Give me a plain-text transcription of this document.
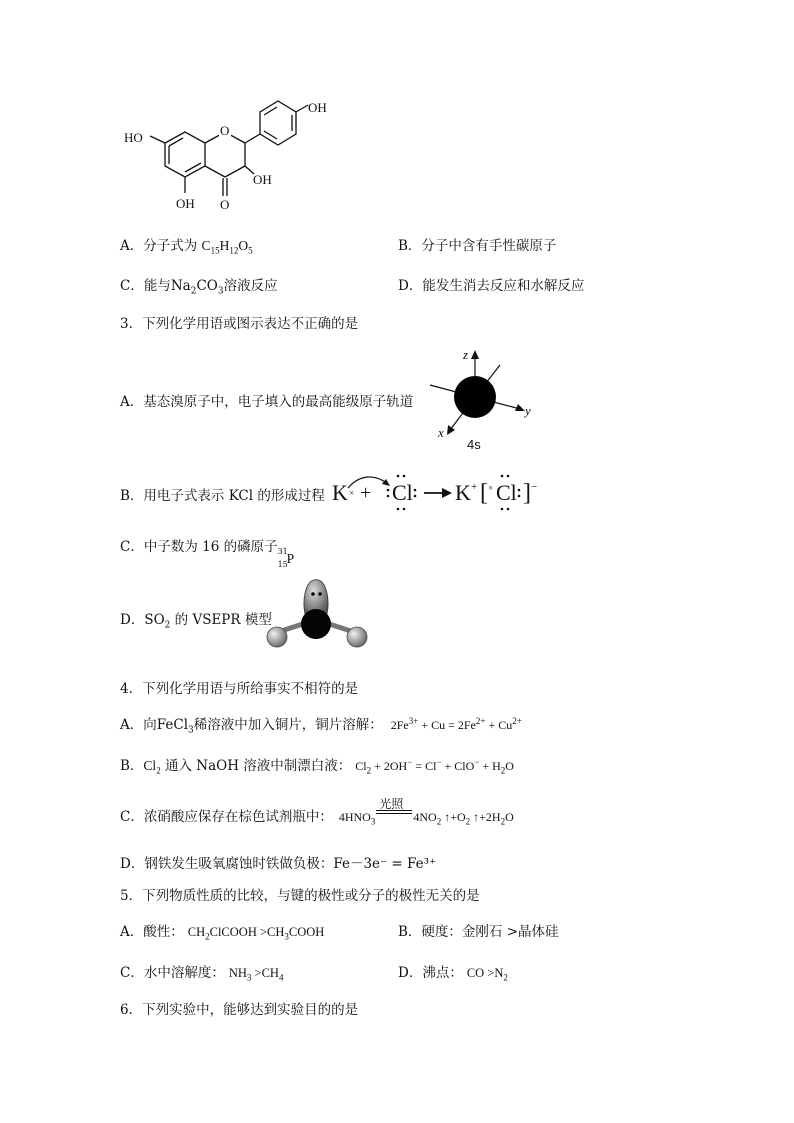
O
OH
HO
OH O
OH
A．分子式为 $C_{15}H_{12}O_5$	B．分子中含有手性碳原子
C．能与$Na_2CO_3$溶液反应	D．能发生消去反应和水解反应
3．下列化学用语或图示表达不正确的是
A．基态溴原子中，电子填入的最高能级原子轨道
z
y
x
4s
B．用电子式表示 KCl 的形成过程 K × + Cl K + [ × Cl ] −
C．中子数为 16 的磷原子 31
15
P
D．$SO_2$ 的 VSEPR 模型
4．下列化学用语与所给事实不相符的是
A．向FeCl$_3$稀溶液中加入铜片，铜片溶解： $2Fe^{3+} + Cu = 2Fe^{2+} + Cu^{2+}$
B．$Cl_2$ 通入 NaOH 溶液中制漂白液： $Cl_2 + 2OH^- = Cl^- + ClO^- + H_2O$
C．浓硝酸应保存在棕色试剂瓶中： $4HNO_3$
光照
$4NO_2$ $↑+O_2$ $↑+2H_2O$
D．钢铁发生吸氧腐蚀时铁做负极：Fe－3e⁻ = Fe³⁺
5．下列物质性质的比较，与键的极性或分子的极性无关的是
A．酸性： $CH_2ClCOOH$ $>CH_3COOH$	B．硬度：金刚石 >晶体硅
C．水中溶解度： $NH_3 >CH_4$	D．沸点： CO $>N_2$
6．下列实验中，能够达到实验目的的是
